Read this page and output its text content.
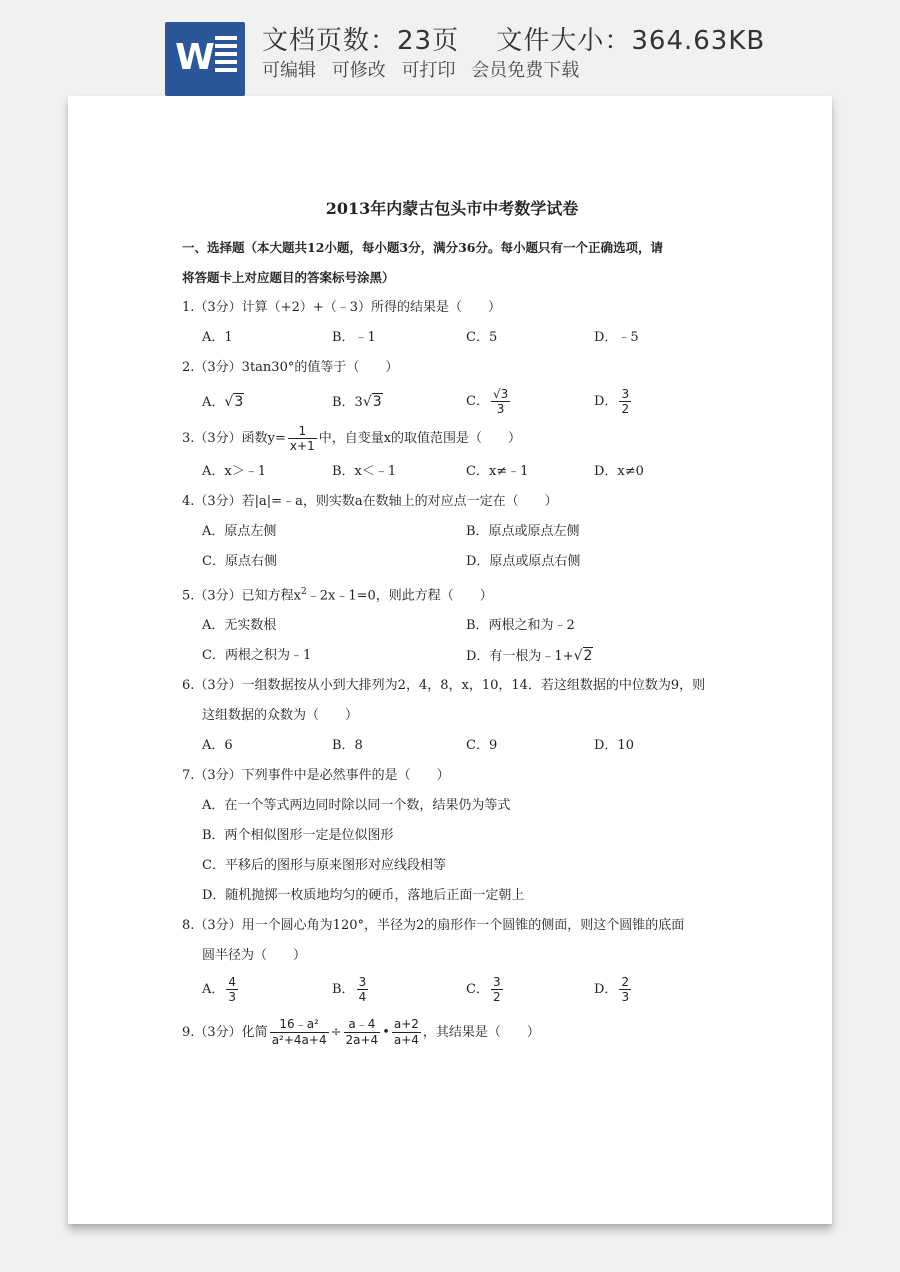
W 文档页数：23页 文件大小：364.63KB
可编辑 可修改 可打印 会员免费下载
2013年内蒙古包头市中考数学试卷
一、选择题（本大题共12小题，每小题3分，满分36分。每小题只有一个正确选项，请
将答题卡上对应题目的答案标号涂黑）
1.（3分）计算（+2）+（﹣3）所得的结果是（　　）
A．1	B．﹣1	C．5	D．﹣5
2.（3分）3tan30°的值等于（　　）
A．√3	B．3√3	C． $\frac{√3}{3}$	D． $\frac{3}{2}$
3.（3分）函数$y= \frac{1}{x+1}$ 中，自变量x的取值范围是（　　）
A．x＞﹣1	B．x＜﹣1	C．x≠﹣1	D．x≠0
4.（3分）若|a|=﹣a，则实数a在数轴上的对应点一定在（　　）
A．原点左侧	B．原点或原点左侧
C．原点右侧	D．原点或原点右侧
5.（3分）已知方程$x^2﹣2x﹣1=0$，则此方程（　　）
A．无实数根	B．两根之和为﹣2
C．两根之积为﹣1	D．有一根为﹣1+√2
6.（3分）一组数据按从小到大排列为2，4，8，x，10，14．若这组数据的中位数为9，则
这组数据的众数为（　　）
A．6	B．8	C．9	D．10
7.（3分）下列事件中是必然事件的是（　　）
A．在一个等式两边同时除以同一个数，结果仍为等式
B．两个相似图形一定是位似图形
C．平移后的图形与原来图形对应线段相等
D．随机抛掷一枚质地均匀的硬币，落地后正面一定朝上
8.（3分）用一个圆心角为120°，半径为2的扇形作一个圆锥的侧面，则这个圆锥的底面
圆半径为（　　）
A． $\frac{4}{3}$	B． $\frac{3}{4}$	C． $\frac{3}{2}$	D． $\frac{2}{3}$
9.（3分）化简 $\frac{\text{16﹣a²}}{\text{a²+4a+4}} \div \frac{a﹣4}{2a+4}$ • $\frac{a+2}{a+4}$ ，其结果是（　　）
